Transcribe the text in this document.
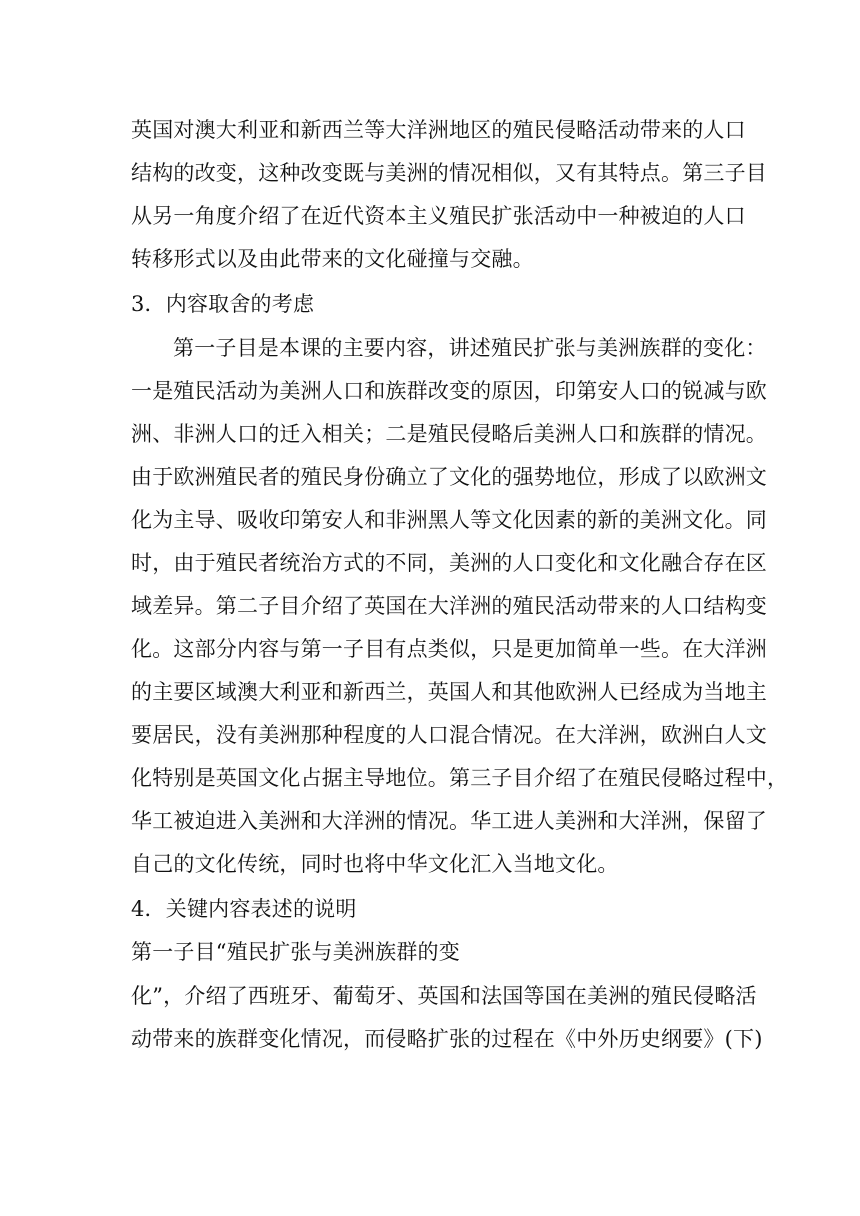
英国对澳大利亚和新西兰等大洋洲地区的殖民侵略活动带来的人口
结构的改变，这种改变既与美洲的情况相似，又有其特点。第三子目
从另一角度介绍了在近代资本主义殖民扩张活动中一种被迫的人口
转移形式以及由此带来的文化碰撞与交融。
3．内容取舍的考虑
第一子目是本课的主要内容，讲述殖民扩张与美洲族群的变化：
一是殖民活动为美洲人口和族群改变的原因，印第安人口的锐减与欧
洲、非洲人口的迁入相关；二是殖民侵略后美洲人口和族群的情况。
由于欧洲殖民者的殖民身份确立了文化的强势地位，形成了以欧洲文
化为主导、吸收印第安人和非洲黑人等文化因素的新的美洲文化。同
时，由于殖民者统治方式的不同，美洲的人口变化和文化融合存在区
域差异。第二子目介绍了英国在大洋洲的殖民活动带来的人口结构变
化。这部分内容与第一子目有点类似，只是更加简单一些。在大洋洲
的主要区域澳大利亚和新西兰，英国人和其他欧洲人已经成为当地主
要居民，没有美洲那种程度的人口混合情况。在大洋洲，欧洲白人文
化特别是英国文化占据主导地位。第三子目介绍了在殖民侵略过程中，
华工被迫进入美洲和大洋洲的情况。华工进人美洲和大洋洲，保留了
自己的文化传统，同时也将中华文化汇入当地文化。
4．关键内容表述的说明
第一子目“殖民扩张与美洲族群的变
化”，介绍了西班牙、葡萄牙、英国和法国等国在美洲的殖民侵略活
动带来的族群变化情况，而侵略扩张的过程在《中外历史纲要》(下)
